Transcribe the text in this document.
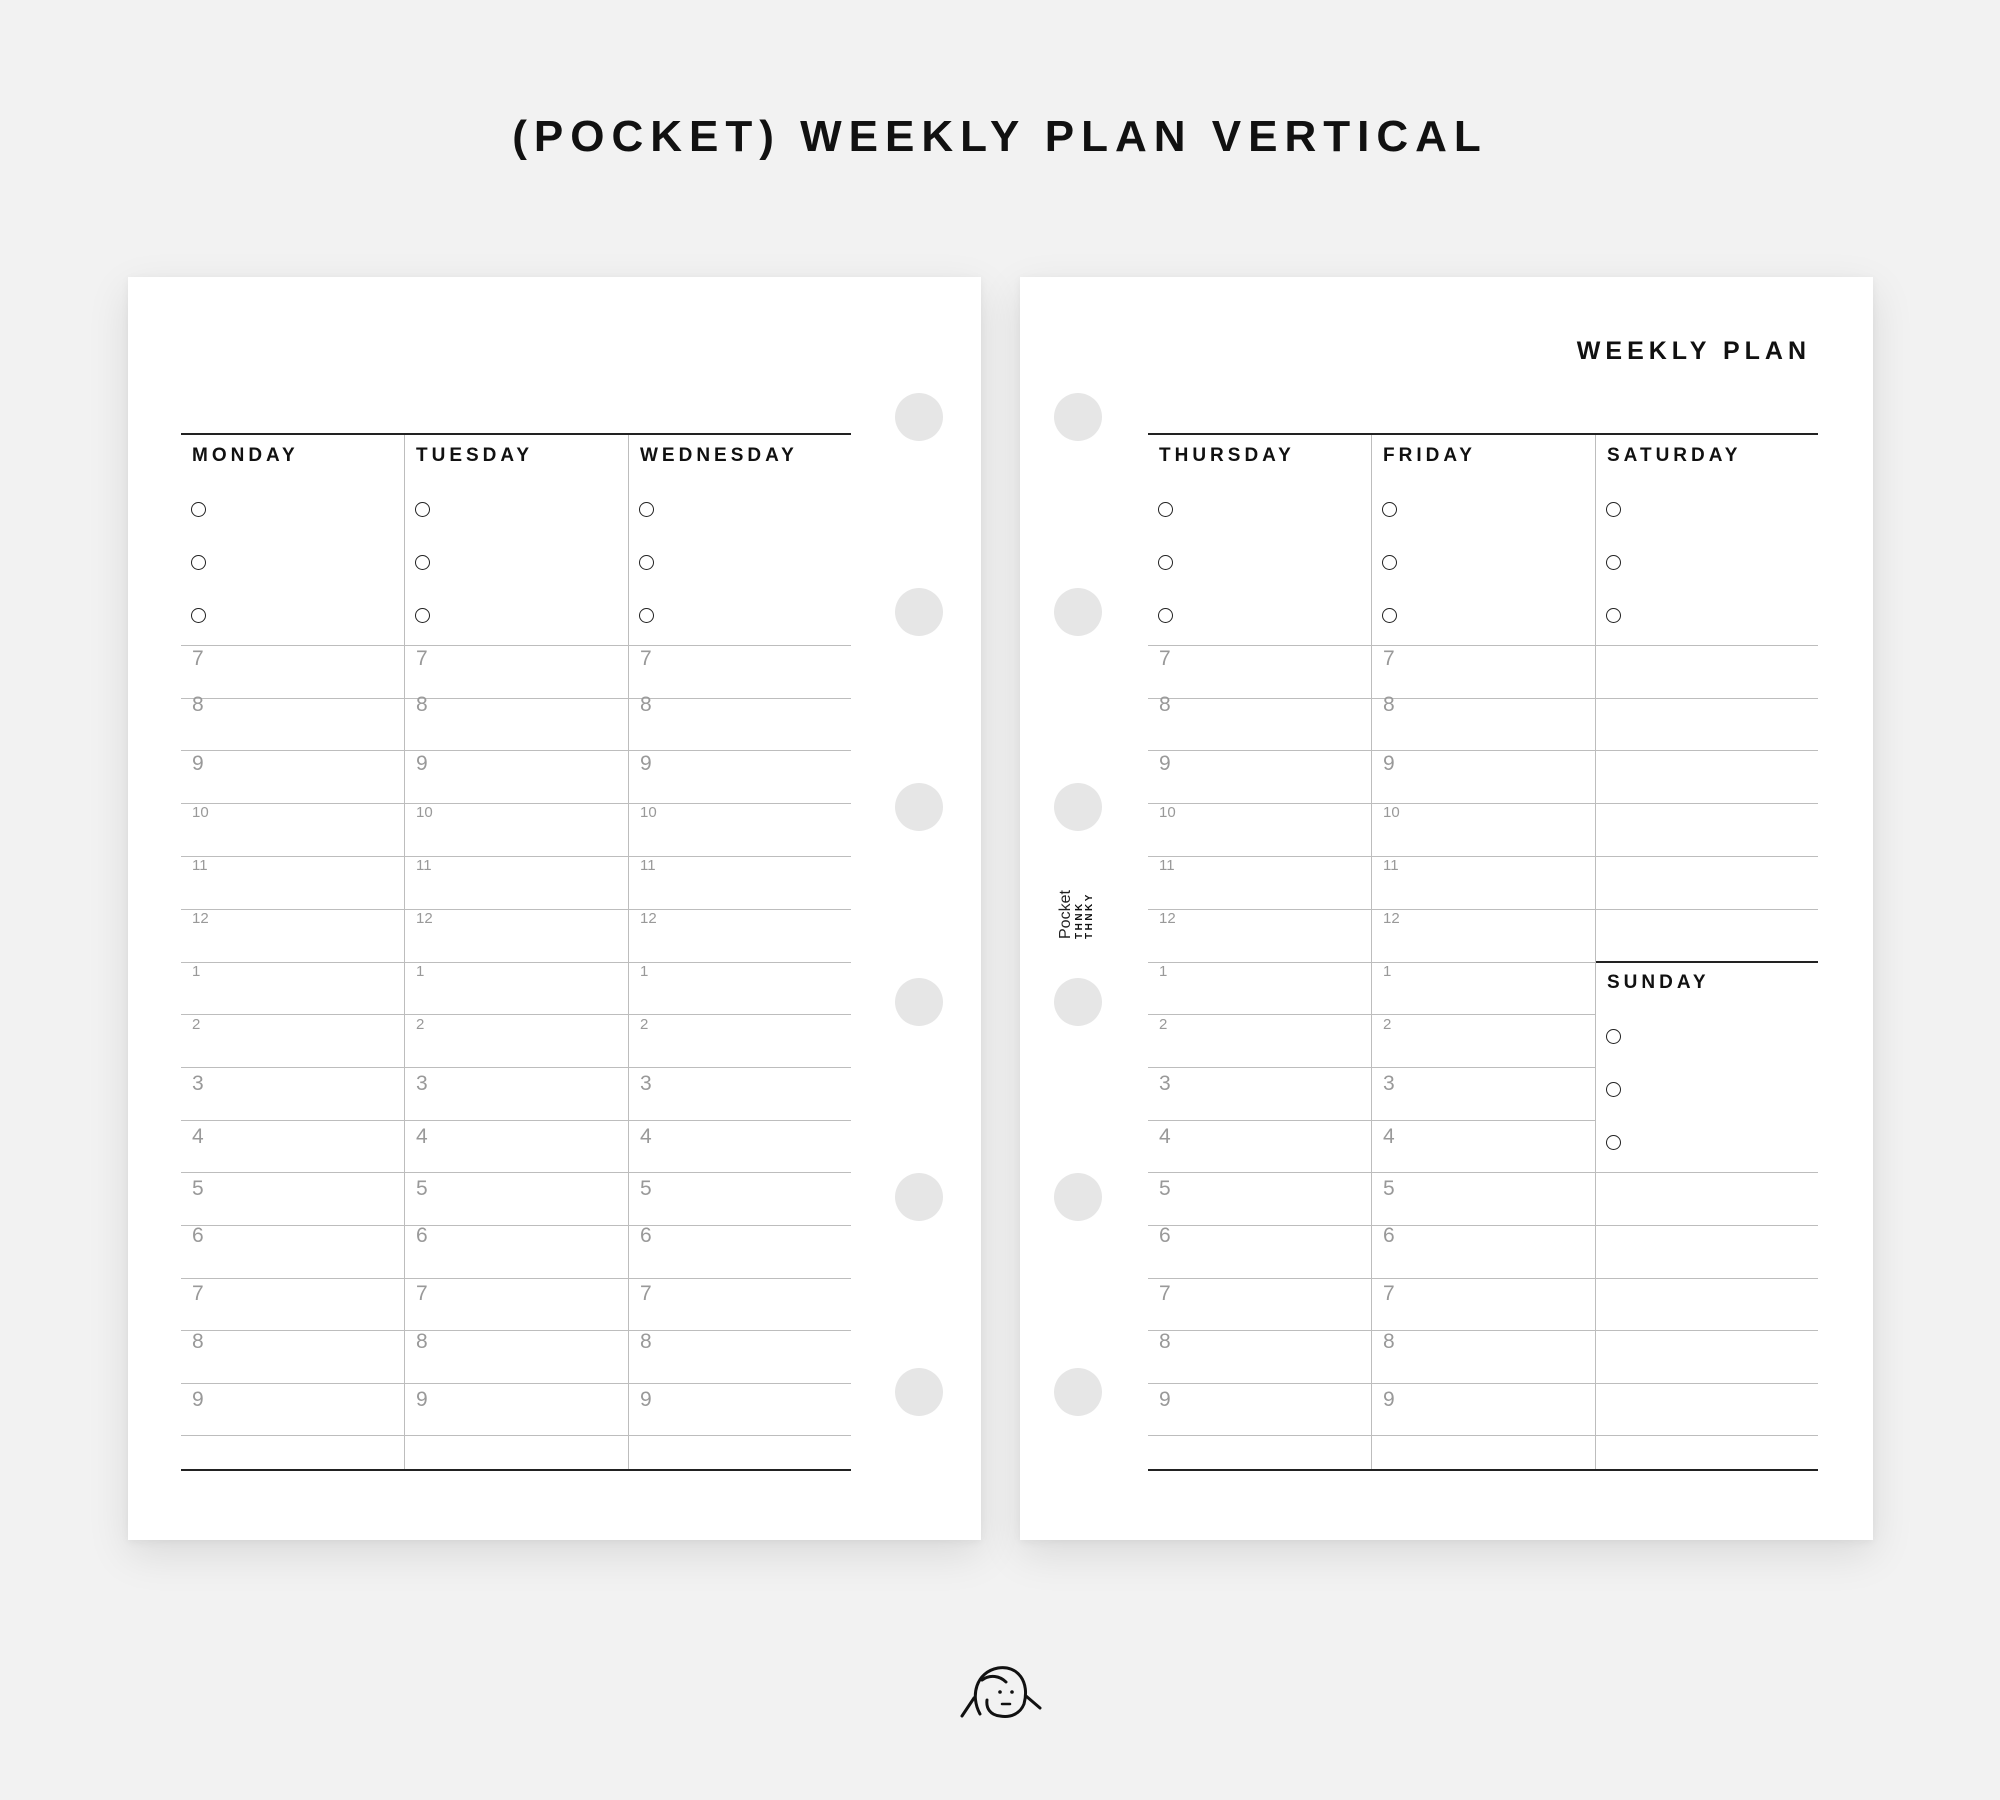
(POCKET) WEEKLY PLAN VERTICAL
MONDAY
7
8
9
10
11
12
1
2
3
4
5
6
7
8
9
TUESDAY
7
8
9
10
11
12
1
2
3
4
5
6
7
8
9
WEDNESDAY
7
8
9
10
11
12
1
2
3
4
5
6
7
8
9
WEEKLY PLAN
Pocket THNK THNKY
THURSDAY
7
8
9
10
11
12
1
2
3
4
5
6
7
8
9
FRIDAY
7
8
9
10
11
12
1
2
3
4
5
6
7
8
9
SATURDAY
SUNDAY
